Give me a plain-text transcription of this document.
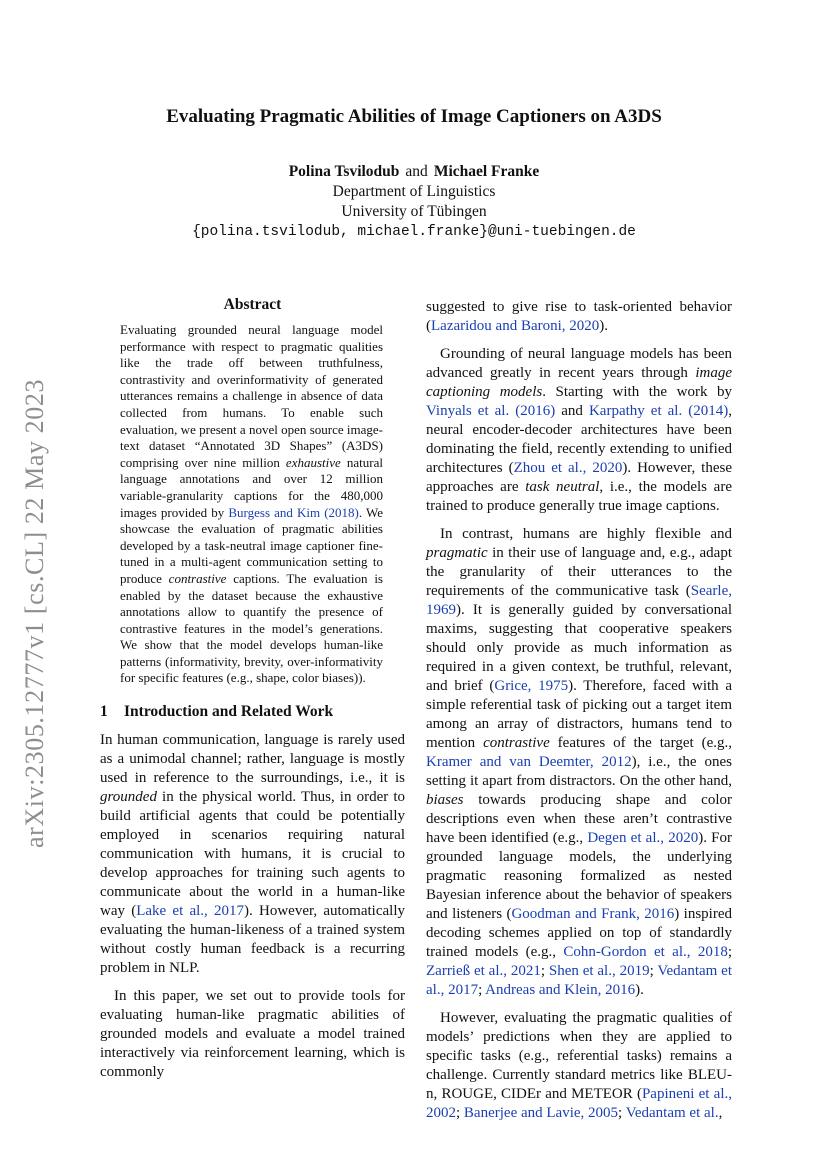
arXiv:2305.12777v1 [cs.CL] 22 May 2023
Evaluating Pragmatic Abilities of Image Captioners on A3DS
Polina Tsvilodub and Michael Franke
Department of Linguistics
University of Tübingen
{polina.tsvilodub, michael.franke}@uni-tuebingen.de
Abstract
Evaluating grounded neural language model performance with respect to pragmatic qualities like the trade off between truthfulness, contrastivity and overinformativity of generated utterances remains a challenge in absence of data collected from humans. To enable such evaluation, we present a novel open source image-text dataset “Annotated 3D Shapes” (A3DS) comprising over nine million exhaustive natural language annotations and over 12 million variable-granularity captions for the 480,000 images provided by Burgess and Kim (2018). We showcase the evaluation of pragmatic abilities developed by a task-neutral image captioner fine-tuned in a multi-agent communication setting to produce contrastive captions. The evaluation is enabled by the dataset because the exhaustive annotations allow to quantify the presence of contrastive features in the model’s generations. We show that the model develops human-like patterns (informativity, brevity, over-informativity for specific features (e.g., shape, color biases)).
1 Introduction and Related Work

In human communication, language is rarely used as a unimodal channel; rather, language is mostly used in reference to the surroundings, i.e., it is grounded in the physical world. Thus, in order to build artificial agents that could be potentially employed in scenarios requiring natural communication with humans, it is crucial to develop approaches for training such agents to communicate about the world in a human-like way (Lake et al., 2017). However, automatically evaluating the human-likeness of a trained system without costly human feedback is a recurring problem in NLP.

In this paper, we set out to provide tools for evaluating human-like pragmatic abilities of grounded models and evaluate a model trained interactively via reinforcement learning, which is commonly

suggested to give rise to task-oriented behavior (Lazaridou and Baroni, 2020).

Grounding of neural language models has been advanced greatly in recent years through image captioning models. Starting with the work by Vinyals et al. (2016) and Karpathy et al. (2014), neural encoder-decoder architectures have been dominating the field, recently extending to unified architectures (Zhou et al., 2020). However, these approaches are task neutral, i.e., the models are trained to produce generally true image captions.

In contrast, humans are highly flexible and pragmatic in their use of language and, e.g., adapt the granularity of their utterances to the requirements of the communicative task (Searle, 1969). It is generally guided by conversational maxims, suggesting that cooperative speakers should only provide as much information as required in a given context, be truthful, relevant, and brief (Grice, 1975). Therefore, faced with a simple referential task of picking out a target item among an array of distractors, humans tend to mention contrastive features of the target (e.g., Kramer and van Deemter, 2012), i.e., the ones setting it apart from distractors. On the other hand, biases towards producing shape and color descriptions even when these aren’t contrastive have been identified (e.g., Degen et al., 2020). For grounded language models, the underlying pragmatic reasoning formalized as nested Bayesian inference about the behavior of speakers and listeners (Goodman and Frank, 2016) inspired decoding schemes applied on top of standardly trained models (e.g., Cohn-Gordon et al., 2018; Zarrieß et al., 2021; Shen et al., 2019; Vedantam et al., 2017; Andreas and Klein, 2016).

However, evaluating the pragmatic qualities of models’ predictions when they are applied to specific tasks (e.g., referential tasks) remains a challenge. Currently standard metrics like BLEU-n, ROUGE, CIDEr and METEOR (Papineni et al., 2002; Banerjee and Lavie, 2005; Vedantam et al.,
